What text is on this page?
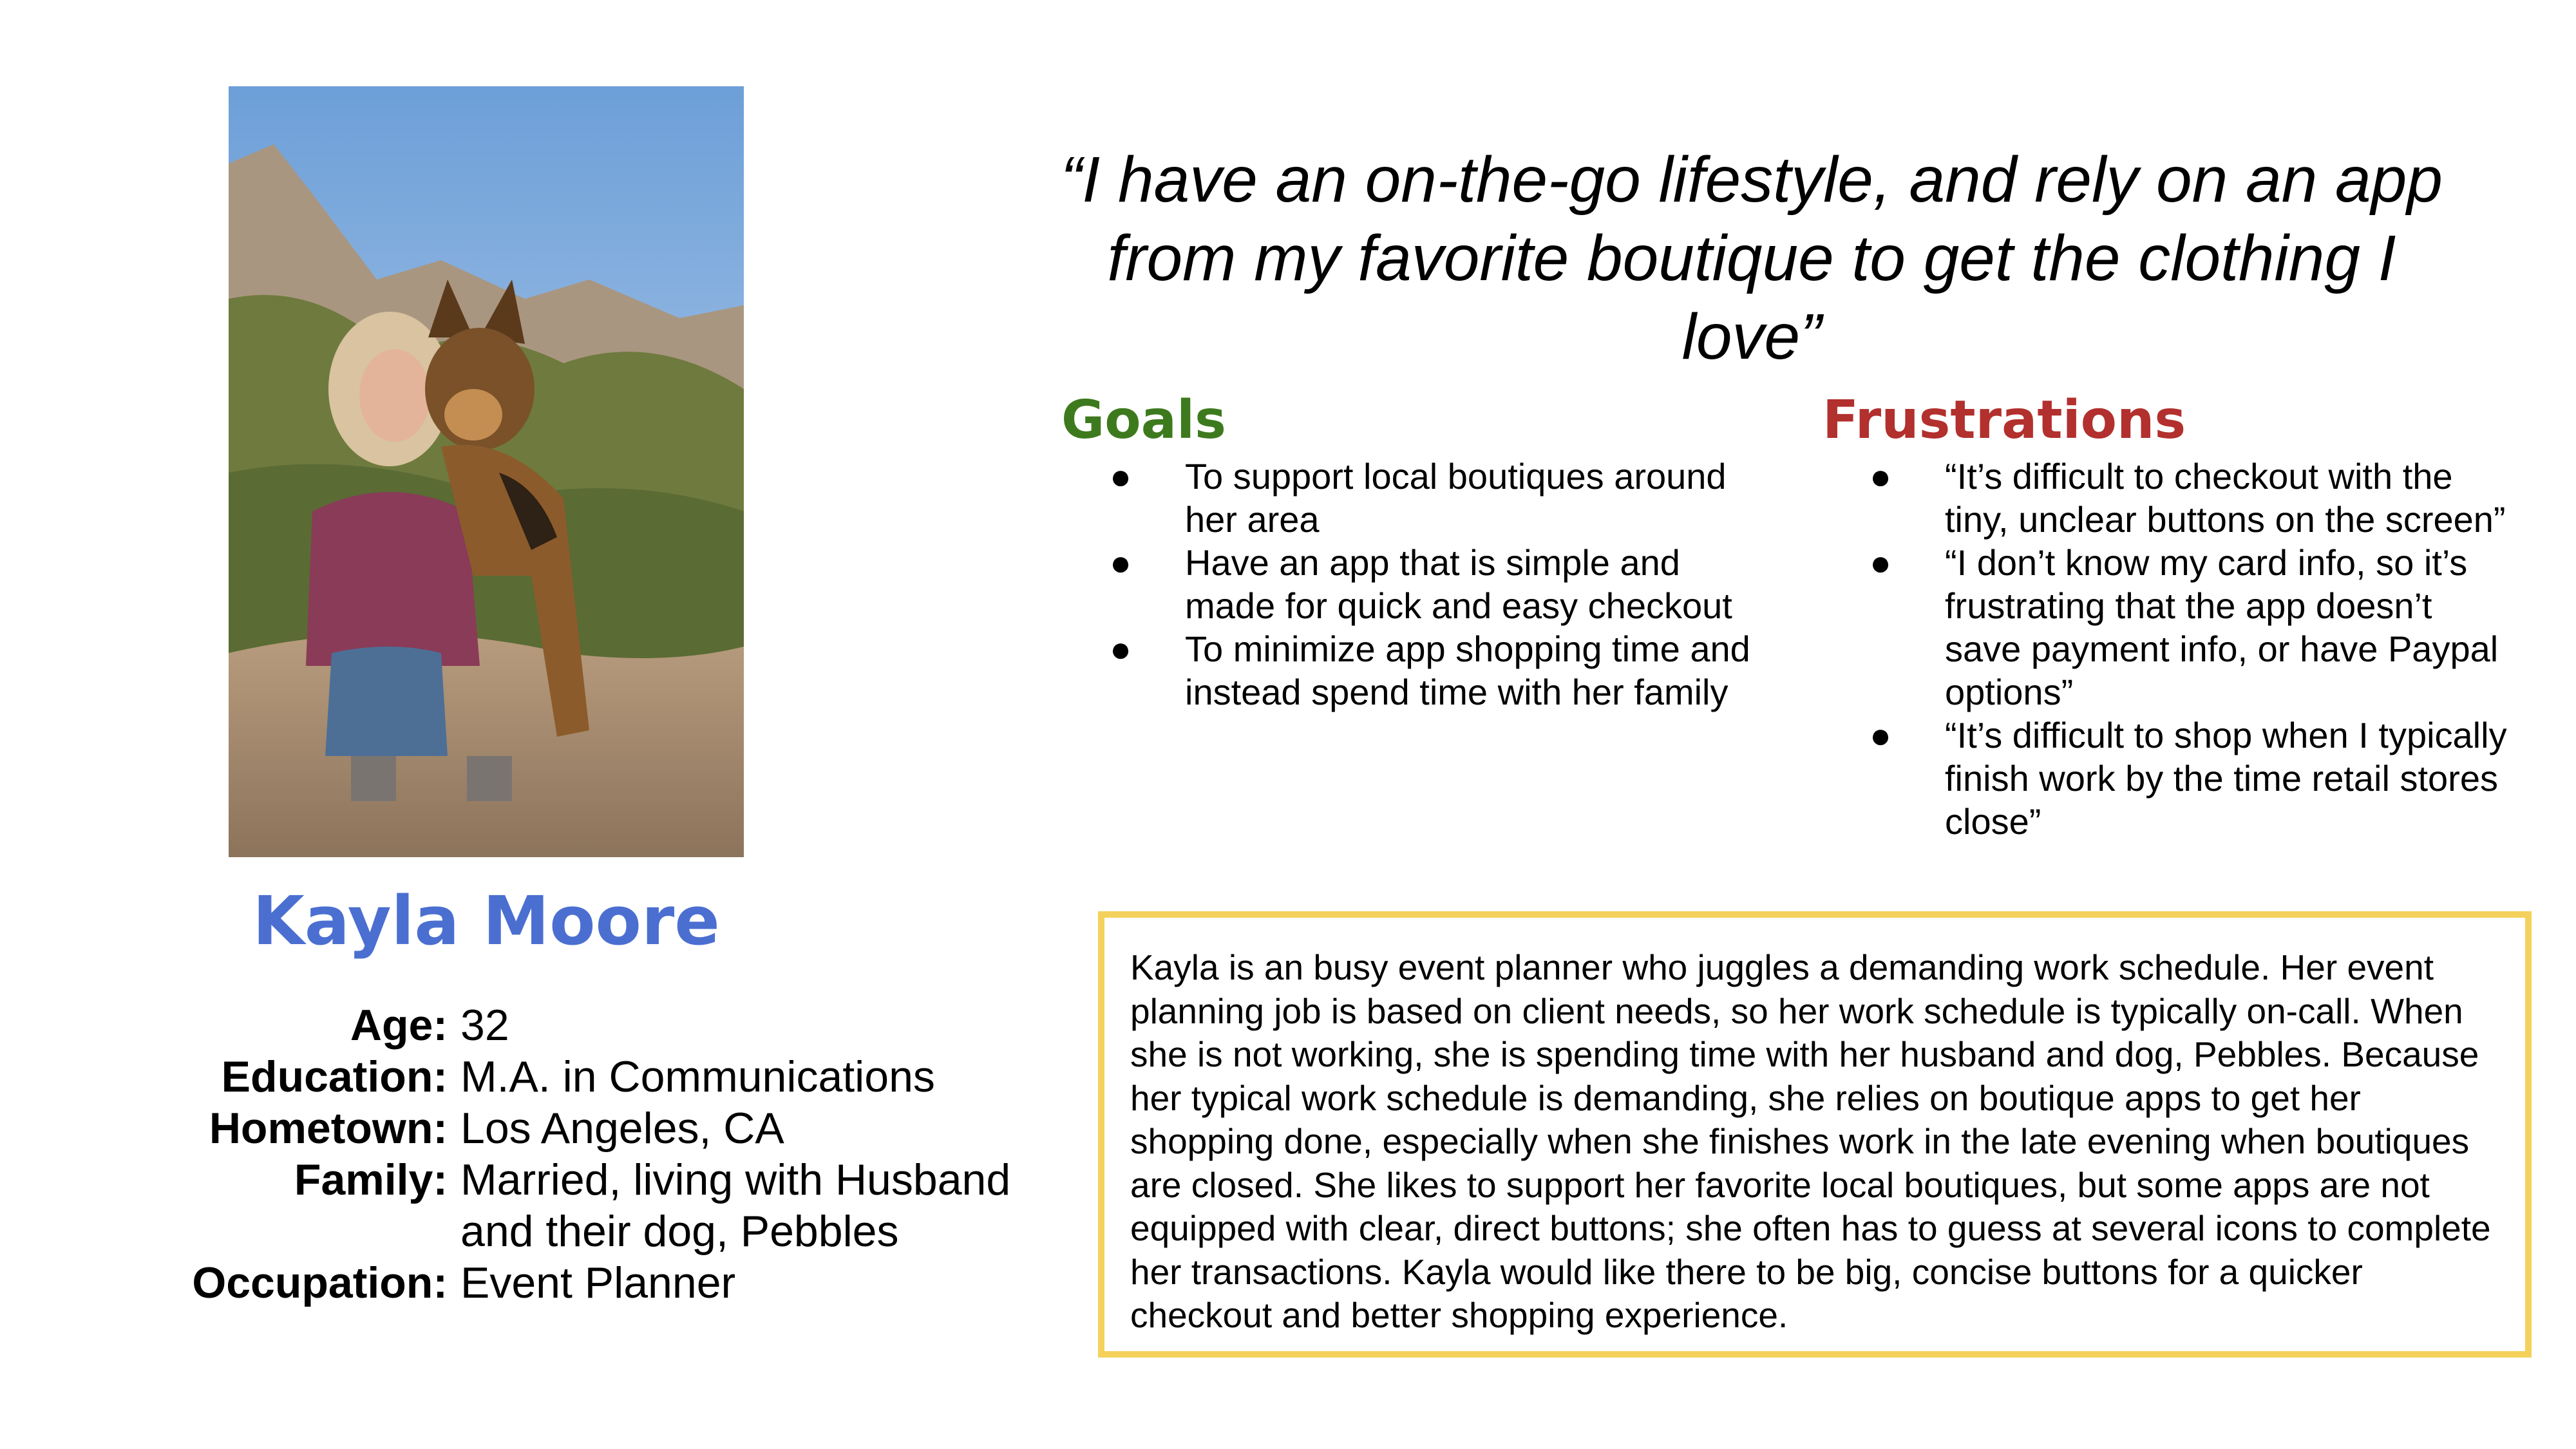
Kayla Moore
Age: 32
Education: M.A. in Communications
Hometown: Los Angeles, CA
Family: Married, living with Husband and their dog, Pebbles
Occupation: Event Planner

“I have an on-the-go lifestyle, and rely on an app from my favorite boutique to get the clothing I love”

Goals
● To support local boutiques around her area
● Have an app that is simple and made for quick and easy checkout
● To minimize app shopping time and instead spend time with her family
Frustrations
● “It’s difficult to checkout with the tiny, unclear buttons on the screen”
● “I don’t know my card info, so it’s frustrating that the app doesn’t save payment info, or have Paypal options”
● “It’s difficult to shop when I typically finish work by the time retail stores close”
Kayla is an busy event planner who juggles a demanding work schedule. Her event planning job is based on client needs, so her work schedule is typically on-call. When she is not working, she is spending time with her husband and dog, Pebbles. Because her typical work schedule is demanding, she relies on boutique apps to get her shopping done, especially when she finishes work in the late evening when boutiques are closed. She likes to support her favorite local boutiques, but some apps are not equipped with clear, direct buttons; she often has to guess at several icons to complete her transactions. Kayla would like there to be big, concise buttons for a quicker checkout and better shopping experience.
